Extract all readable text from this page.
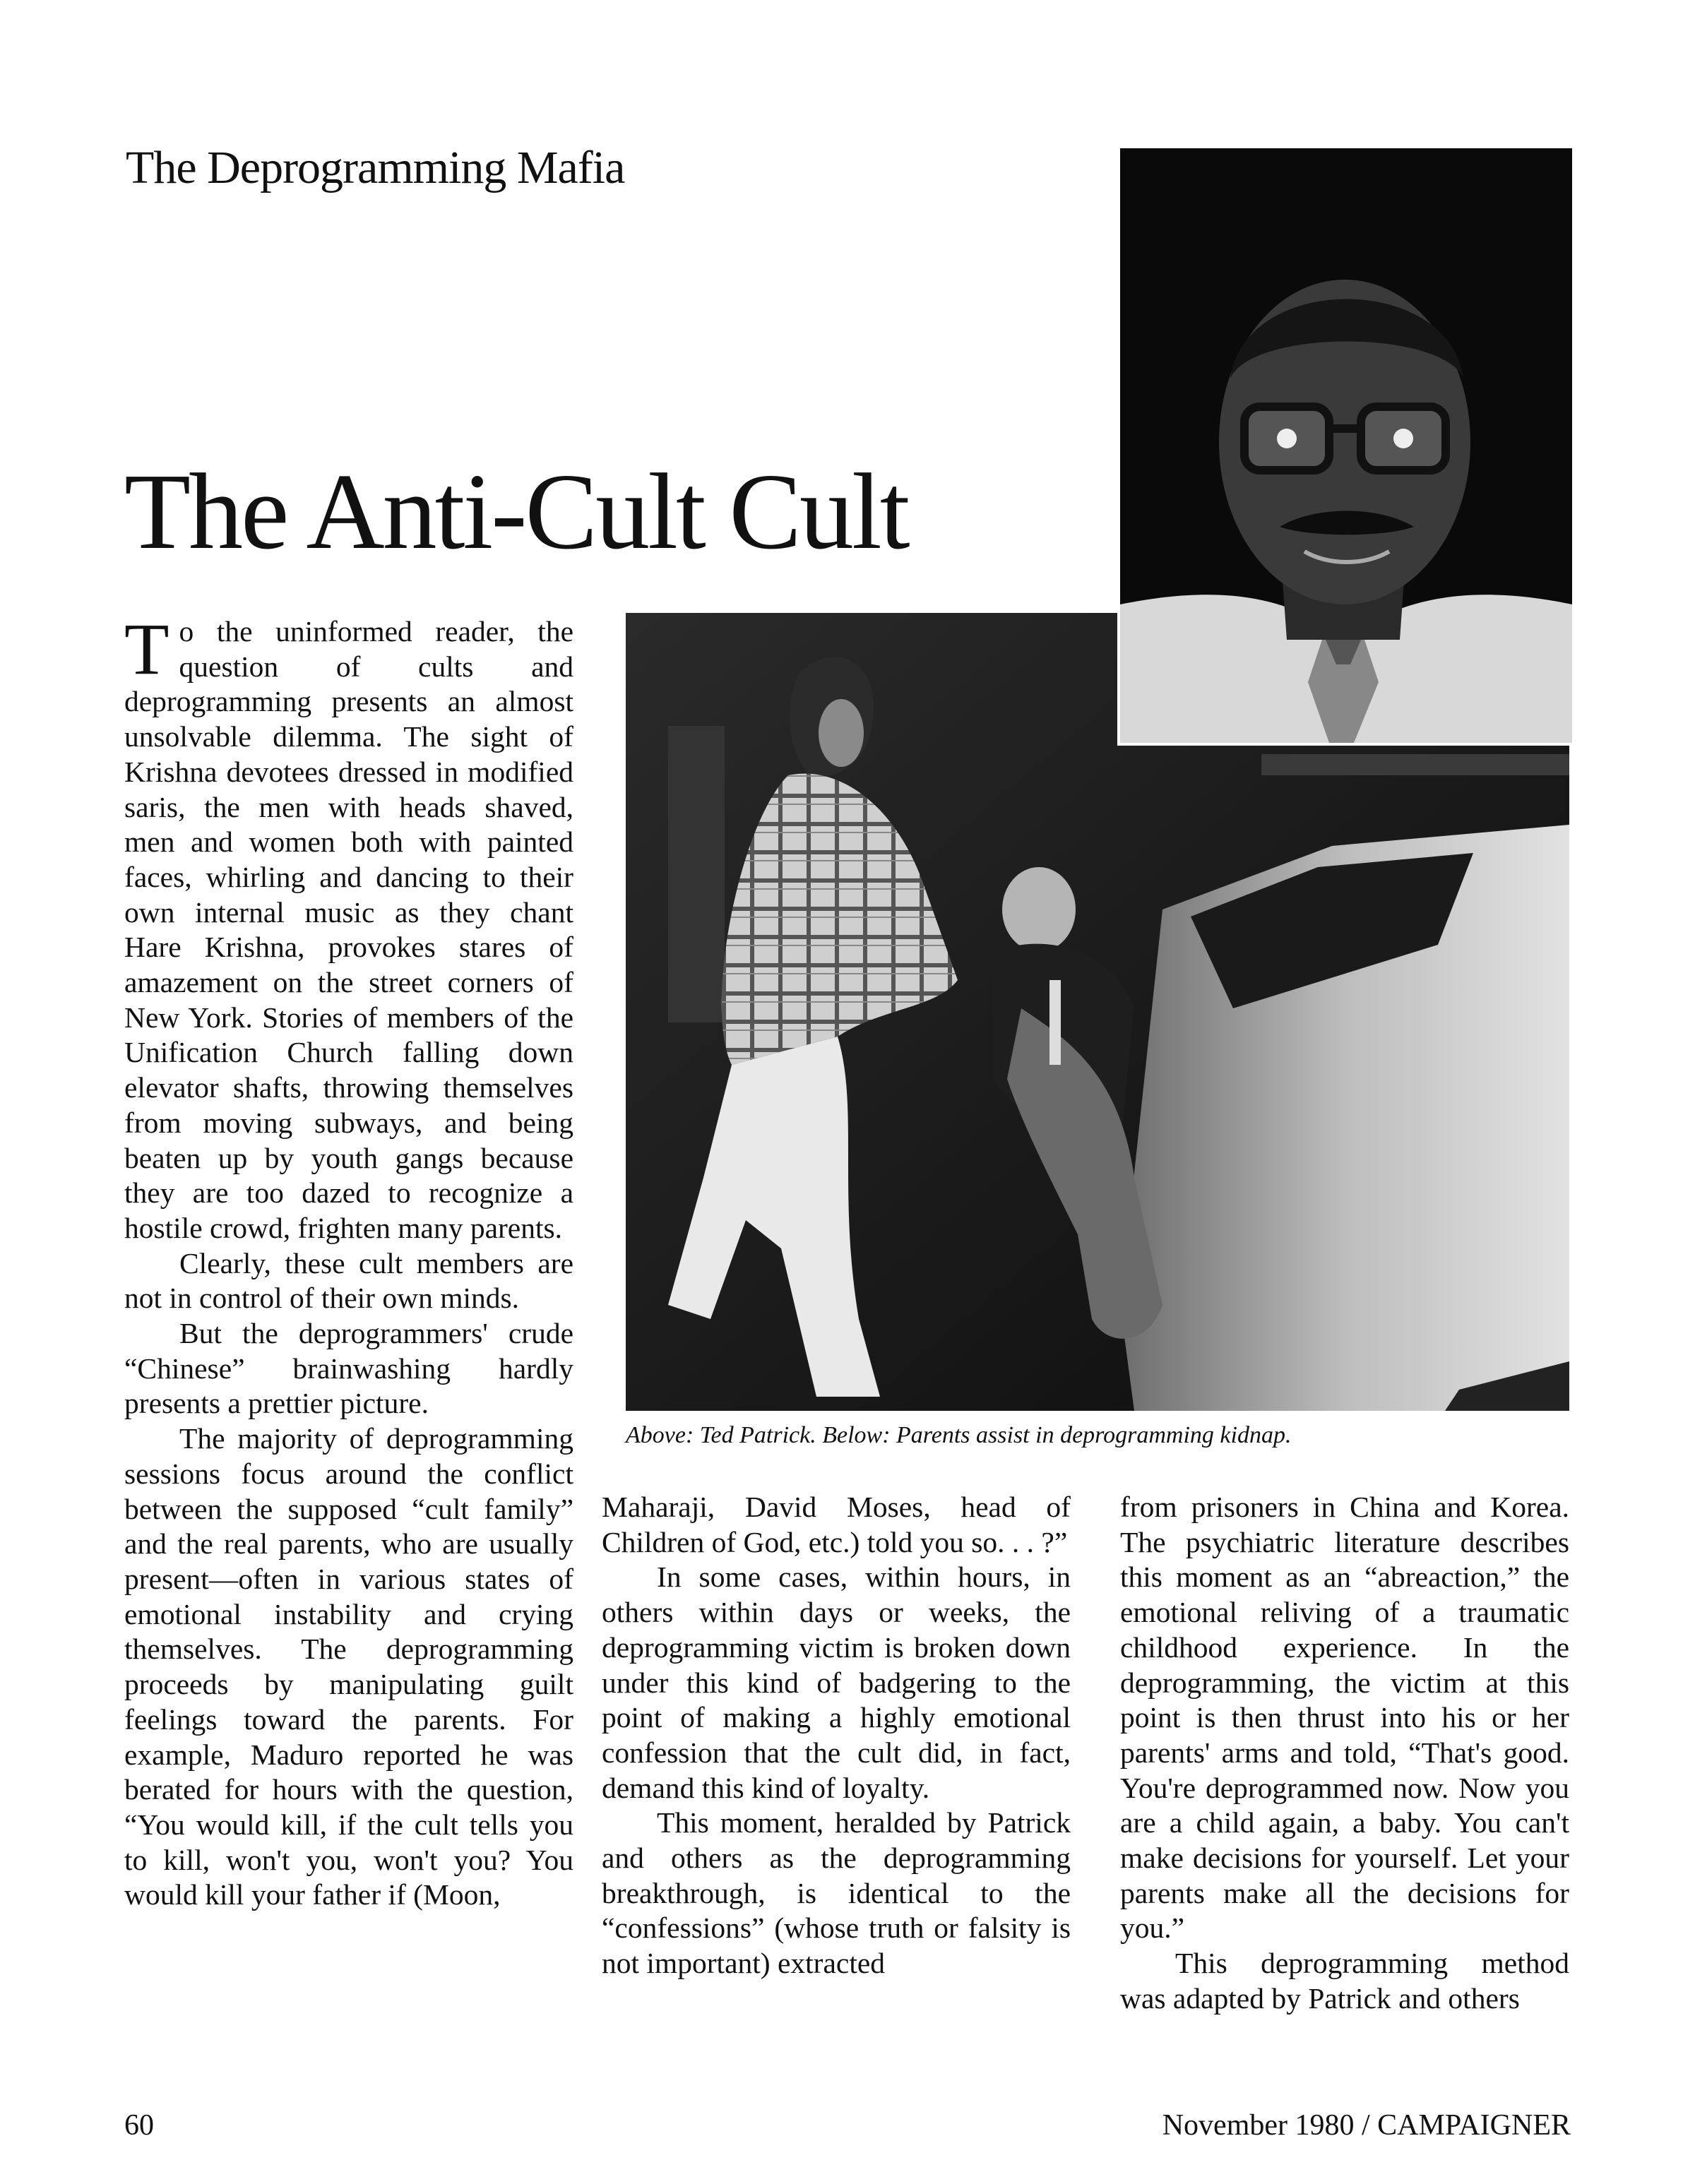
The Deprogramming Mafia
The Anti-Cult Cult

To the uninformed reader, the question of cults and deprogramming presents an almost unsolvable dilemma. The sight of Krishna devotees dressed in modified saris, the men with heads shaved, men and women both with painted faces, whirling and dancing to their own internal music as they chant Hare Krishna, provokes stares of amazement on the street corners of New York. Stories of members of the Unification Church falling down elevator shafts, throwing themselves from moving subways, and being beaten up by youth gangs because they are too dazed to recognize a hostile crowd, frighten many parents.

Clearly, these cult members are not in control of their own minds.

But the deprogrammers' crude “Chinese” brainwashing hardly presents a prettier picture.

The majority of deprogramming sessions focus around the conflict between the supposed “cult family” and the real parents, who are usually present—often in various states of emotional instability and crying themselves. The deprogramming proceeds by manipulating guilt feelings toward the parents. For example, Maduro reported he was berated for hours with the question, “You would kill, if the cult tells you to kill, won't you, won't you? You would kill your father if (Moon,

Above: Ted Patrick. Below: Parents assist in deprogramming kidnap.

Maharaji, David Moses, head of Children of God, etc.) told you so. . . ?”

In some cases, within hours, in others within days or weeks, the deprogramming victim is broken down under this kind of badgering to the point of making a highly emotional confession that the cult did, in fact, demand this kind of loyalty.

This moment, heralded by Patrick and others as the deprogramming breakthrough, is identical to the “confessions” (whose truth or falsity is not important) extracted

from prisoners in China and Korea. The psychiatric literature describes this moment as an “abreaction,” the emotional reliving of a traumatic childhood experience. In the deprogramming, the victim at this point is then thrust into his or her parents' arms and told, “That's good. You're deprogrammed now. Now you are a child again, a baby. You can't make decisions for yourself. Let your parents make all the decisions for you.”

This deprogramming method was adapted by Patrick and others

60	November 1980 / CAMPAIGNER
